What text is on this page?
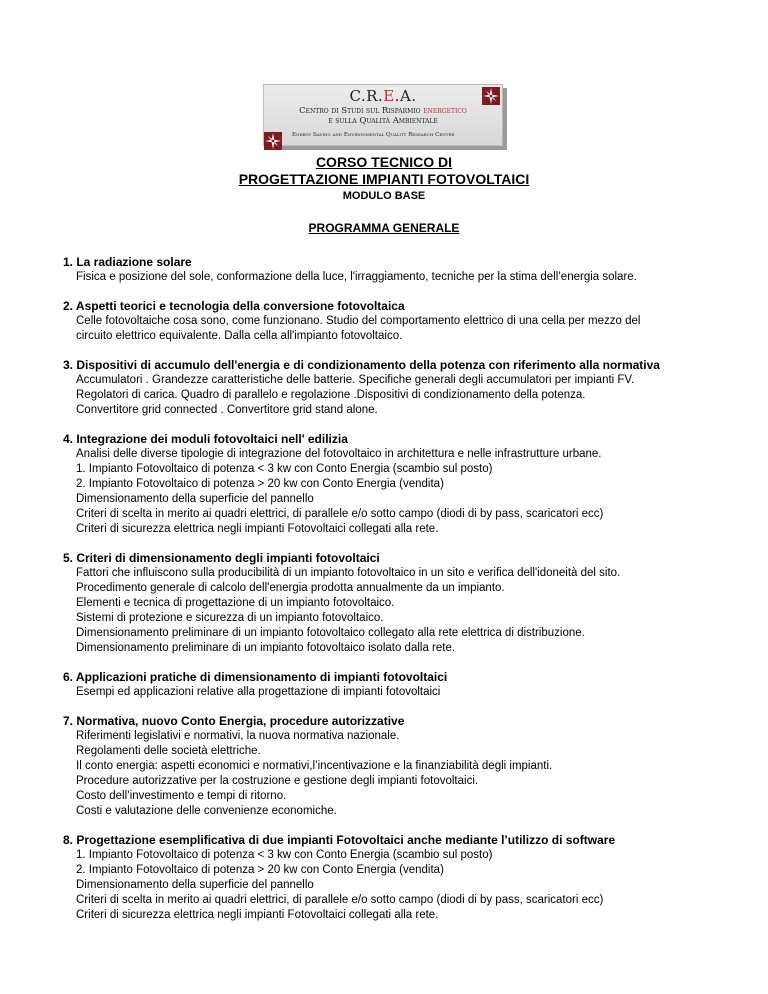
C.R.E.A.
Centro di Studi sul Risparmio energetico
e sulla Qualità Ambientale
Energy Saving and Environmental Quality Research Centre
CORSO TECNICO DI
PROGETTAZIONE IMPIANTI FOTOVOLTAICI
MODULO BASE
PROGRAMMA GENERALE
1. La radiazione solare
Fisica e posizione del sole, conformazione della luce, l'irraggiamento, tecniche per la stima dell’energia solare.
2. Aspetti teorici e tecnologia della conversione fotovoltaica
Celle fotovoltaiche cosa sono, come funzionano. Studio del comportamento elettrico di una cella per mezzo del
circuito elettrico equivalente. Dalla cella all'impianto fotovoltaico.
3. Dispositivi di accumulo dell'energia e di condizionamento della potenza con riferimento alla normativa
Accumulatori . Grandezze caratteristiche delle batterie. Specifiche generali degli accumulatori per impianti FV.
Regolatori di carica. Quadro di parallelo e regolazione .Dispositivi di condizionamento della potenza.
Convertitore grid connected . Convertitore grid stand alone.
4. Integrazione dei moduli fotovoltaici nell' edilizia
Analisi delle diverse tipologie di integrazione del fotovoltaico in architettura e nelle infrastrutture urbane.
1. Impianto Fotovoltaico di potenza < 3 kw con Conto Energia (scambio sul posto)
2. Impianto Fotovoltaico di potenza > 20 kw con Conto Energia (vendita)
Dimensionamento della superficie del pannello
Criteri di scelta in merito ai quadri elettrici, di parallele e/o sotto campo (diodi di by pass, scaricatori ecc)
Criteri di sicurezza elettrica negli impianti Fotovoltaici collegati alla rete.
5. Criteri di dimensionamento degli impianti fotovoltaici
Fattori che influiscono sulla producibilità di un impianto fotovoltaico in un sito e verifica dell'idoneità del sito.
Procedimento generale di calcolo dell'energia prodotta annualmente da un impianto.
Elementi e tecnica di progettazione di un impianto fotovoltaico.
Sistemi di protezione e sicurezza di un impianto fotovoltaico.
Dimensionamento preliminare di un impianto fotovoltaico collegato alla rete elettrica di distribuzione.
Dimensionamento preliminare di un impianto fotovoltaico isolato dalla rete.
6. Applicazioni pratiche di dimensionamento di impianti fotovoltaici
Esempi ed applicazioni relative alla progettazione di impianti fotovoltaici
7. Normativa, nuovo Conto Energia, procedure autorizzative
Riferimenti legislativi e normativi, la nuova normativa nazionale.
Regolamenti delle società elettriche.
Il conto energia: aspetti economici e normativi,l’incentivazione e la finanziabilità degli impianti.
Procedure autorizzative per la costruzione e gestione degli impianti fotovoltaici.
Costo dell’investimento e tempi di ritorno.
Costi e valutazione delle convenienze economiche.
8. Progettazione esemplificativa di due impianti Fotovoltaici anche mediante l’utilizzo di software
1. Impianto Fotovoltaico di potenza < 3 kw con Conto Energia (scambio sul posto)
2. Impianto Fotovoltaico di potenza > 20 kw con Conto Energia (vendita)
Dimensionamento della superficie del pannello
Criteri di scelta in merito ai quadri elettrici, di parallele e/o sotto campo (diodi di by pass, scaricatori ecc)
Criteri di sicurezza elettrica negli impianti Fotovoltaici collegati alla rete.
